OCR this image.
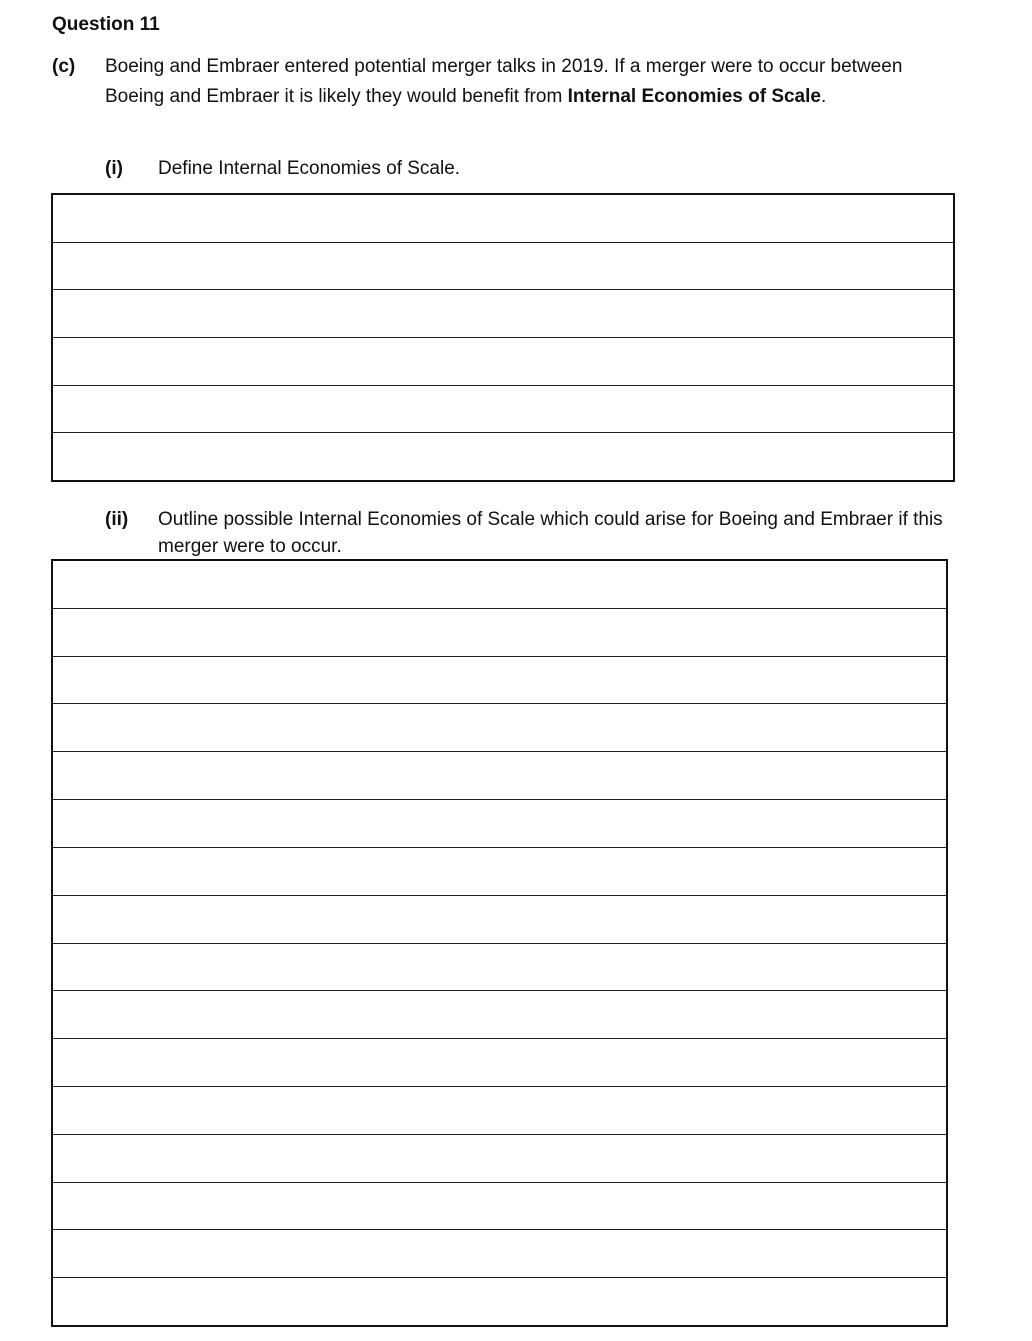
Question 11
(c) Boeing and Embraer entered potential merger talks in 2019. If a merger were to occur between Boeing and Embraer it is likely they would benefit from Internal Economies of Scale.
(i) Define Internal Economies of Scale.
(ii) Outline possible Internal Economies of Scale which could arise for Boeing and Embraer if this merger were to occur.
